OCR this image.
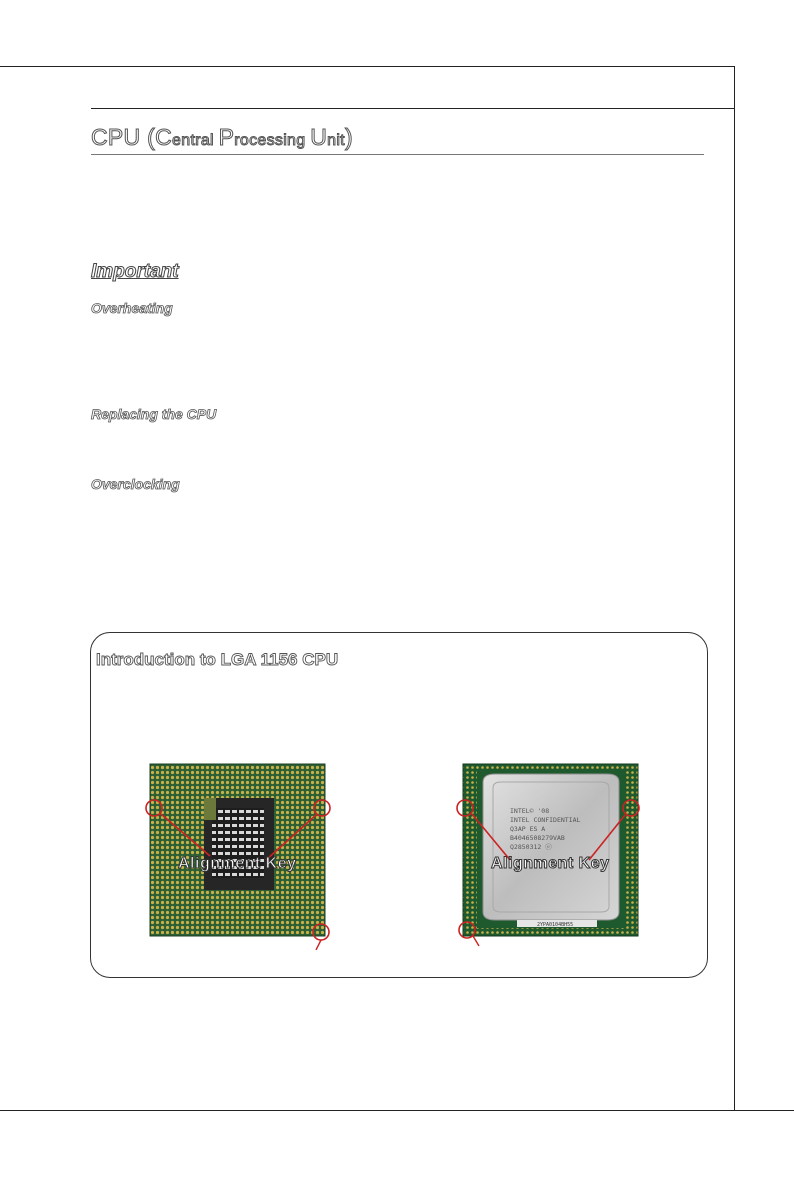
CPU (Central Processing Unit)
Important
Overheating
Replacing the CPU
Overclocking
Introduction to LGA 1156 CPU
Alignment Key
INTEL© '08
INTEL CONFIDENTIAL
Q3AP ES A
B4046508279VAB
Q2850312 ⓔ
2YPA0104BH55
Alignment Key
